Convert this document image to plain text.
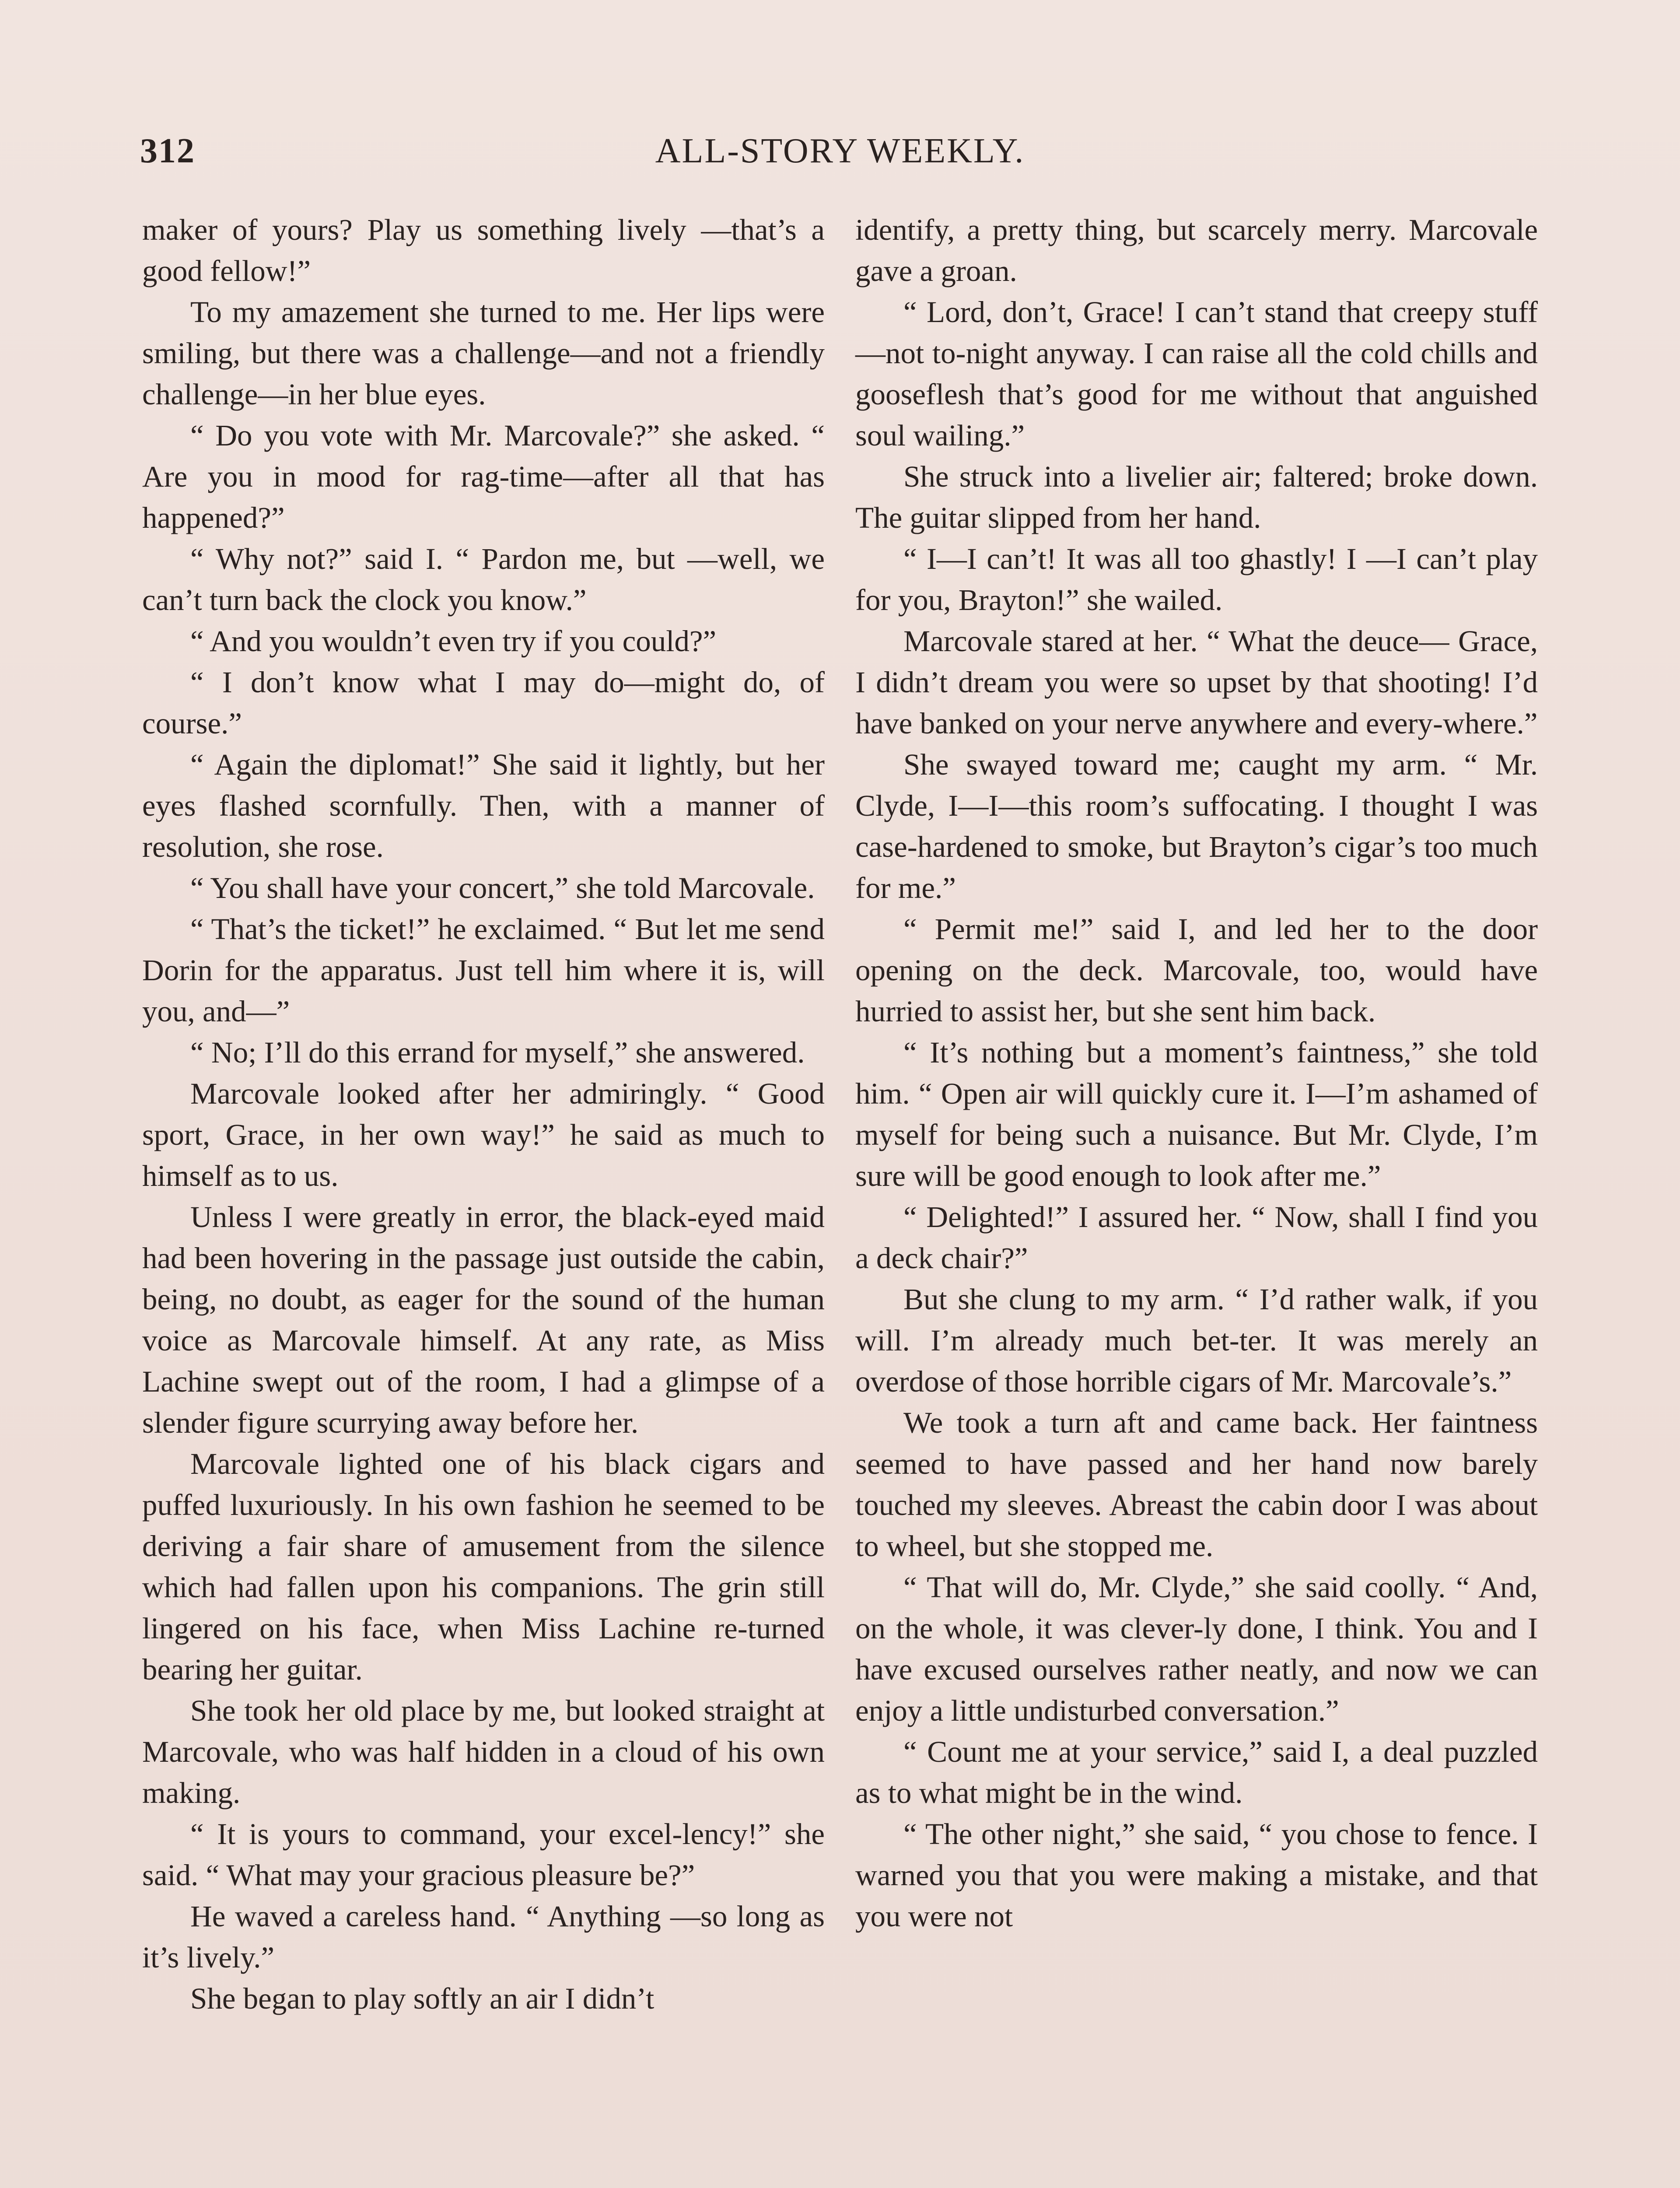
312	ALL-STORY WEEKLY.

maker of yours? Play us something lively —that’s a good fellow!”

To my amazement she turned to me. Her lips were smiling, but there was a challenge—and not a friendly challenge—in her blue eyes.

“ Do you vote with Mr. Marcovale?” she asked. “ Are you in mood for rag-time—after all that has happened?”

“ Why not?” said I. “ Pardon me, but —well, we can’t turn back the clock you know.”

“ And you wouldn’t even try if you could?”

“ I don’t know what I may do—might do, of course.”

“ Again the diplomat!” She said it lightly, but her eyes flashed scornfully. Then, with a manner of resolution, she rose.

“ You shall have your concert,” she told Marcovale.

“ That’s the ticket!” he exclaimed. “ But let me send Dorin for the apparatus. Just tell him where it is, will you, and—”

“ No; I’ll do this errand for myself,” she answered.

Marcovale looked after her admiringly. “ Good sport, Grace, in her own way!” he said as much to himself as to us.

Unless I were greatly in error, the black-eyed maid had been hovering in the passage just outside the cabin, being, no doubt, as eager for the sound of the human voice as Marcovale himself. At any rate, as Miss Lachine swept out of the room, I had a glimpse of a slender figure scurrying away before her.

Marcovale lighted one of his black cigars and puffed luxuriously. In his own fashion he seemed to be deriving a fair share of amusement from the silence which had fallen upon his companions. The grin still lingered on his face, when Miss Lachine re-turned bearing her guitar.

She took her old place by me, but looked straight at Marcovale, who was half hidden in a cloud of his own making.

“ It is yours to command, your excel-lency!” she said. “ What may your gracious pleasure be?”

He waved a careless hand. “ Anything —so long as it’s lively.”

She began to play softly an air I didn’t

identify, a pretty thing, but scarcely merry. Marcovale gave a groan.

“ Lord, don’t, Grace! I can’t stand that creepy stuff—not to-night anyway. I can raise all the cold chills and gooseflesh that’s good for me without that anguished soul wailing.”

She struck into a livelier air; faltered; broke down. The guitar slipped from her hand.

“ I—I can’t! It was all too ghastly! I —I can’t play for you, Brayton!” she wailed.

Marcovale stared at her. “ What the deuce— Grace, I didn’t dream you were so upset by that shooting! I’d have banked on your nerve anywhere and every-where.”

She swayed toward me; caught my arm. “ Mr. Clyde, I—I—this room’s suffocating. I thought I was case-hardened to smoke, but Brayton’s cigar’s too much for me.”

“ Permit me!” said I, and led her to the door opening on the deck. Marcovale, too, would have hurried to assist her, but she sent him back.

“ It’s nothing but a moment’s faintness,” she told him. “ Open air will quickly cure it. I—I’m ashamed of myself for being such a nuisance. But Mr. Clyde, I’m sure will be good enough to look after me.”

“ Delighted!” I assured her. “ Now, shall I find you a deck chair?”

But she clung to my arm. “ I’d rather walk, if you will. I’m already much bet-ter. It was merely an overdose of those horrible cigars of Mr. Marcovale’s.”

We took a turn aft and came back. Her faintness seemed to have passed and her hand now barely touched my sleeves. Abreast the cabin door I was about to wheel, but she stopped me.

“ That will do, Mr. Clyde,” she said coolly. “ And, on the whole, it was clever-ly done, I think. You and I have excused ourselves rather neatly, and now we can enjoy a little undisturbed conversation.”

“ Count me at your service,” said I, a deal puzzled as to what might be in the wind.

“ The other night,” she said, “ you chose to fence. I warned you that you were making a mistake, and that you were not
